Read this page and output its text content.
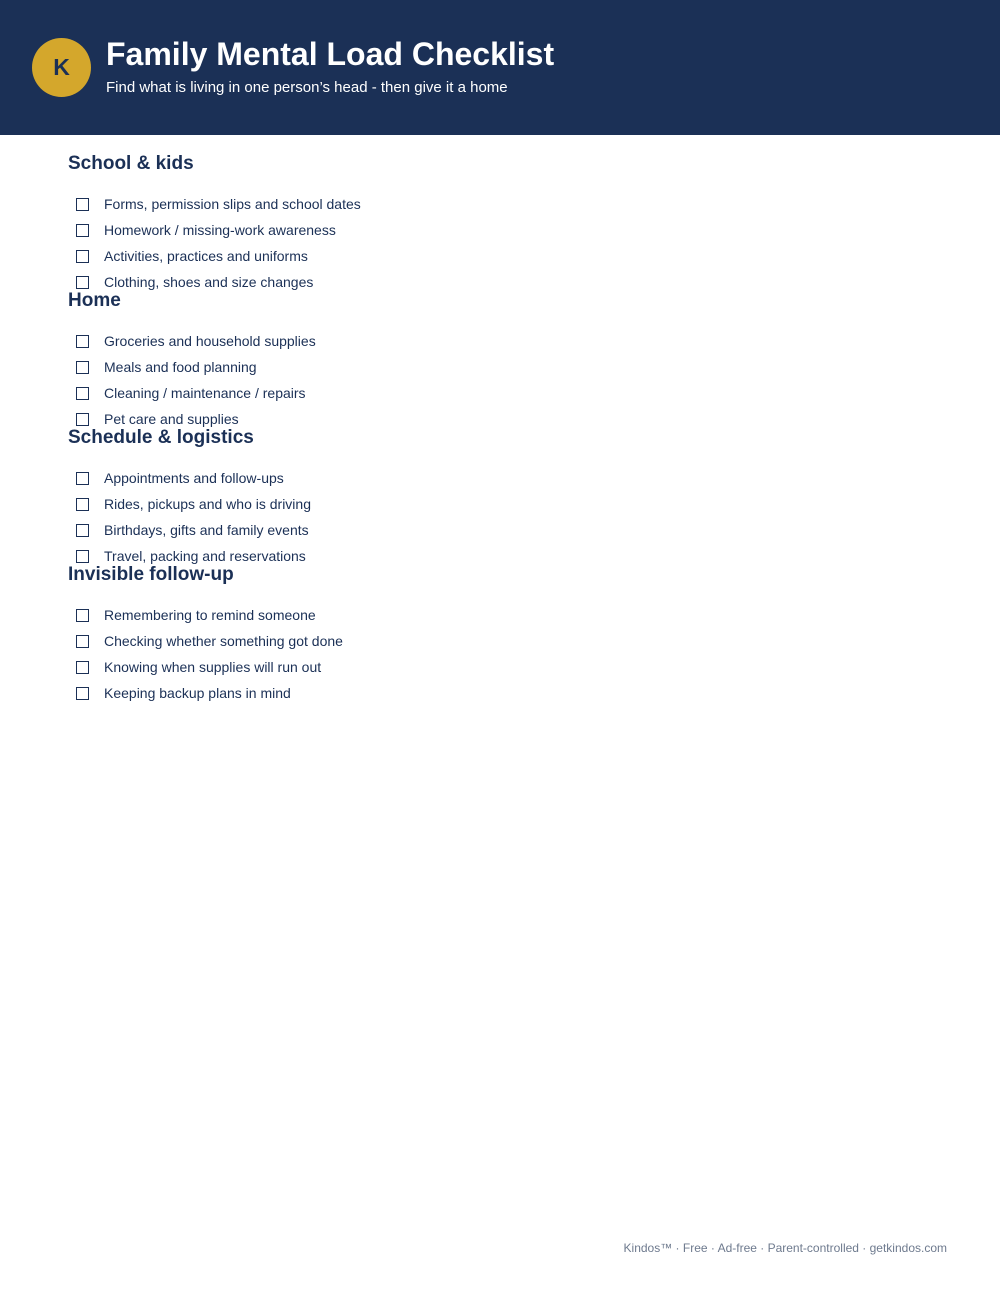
K	Family Mental Load Checklist
Find what is living in one person’s head - then give it a home
School & kids
Forms, permission slips and school dates
Homework / missing-work awareness
Activities, practices and uniforms
Clothing, shoes and size changes
Home
Groceries and household supplies
Meals and food planning
Cleaning / maintenance / repairs
Pet care and supplies
Schedule & logistics
Appointments and follow-ups
Rides, pickups and who is driving
Birthdays, gifts and family events
Travel, packing and reservations
Invisible follow-up
Remembering to remind someone
Checking whether something got done
Knowing when supplies will run out
Keeping backup plans in mind
Kindos™ · Free · Ad-free · Parent-controlled · getkindos.com
